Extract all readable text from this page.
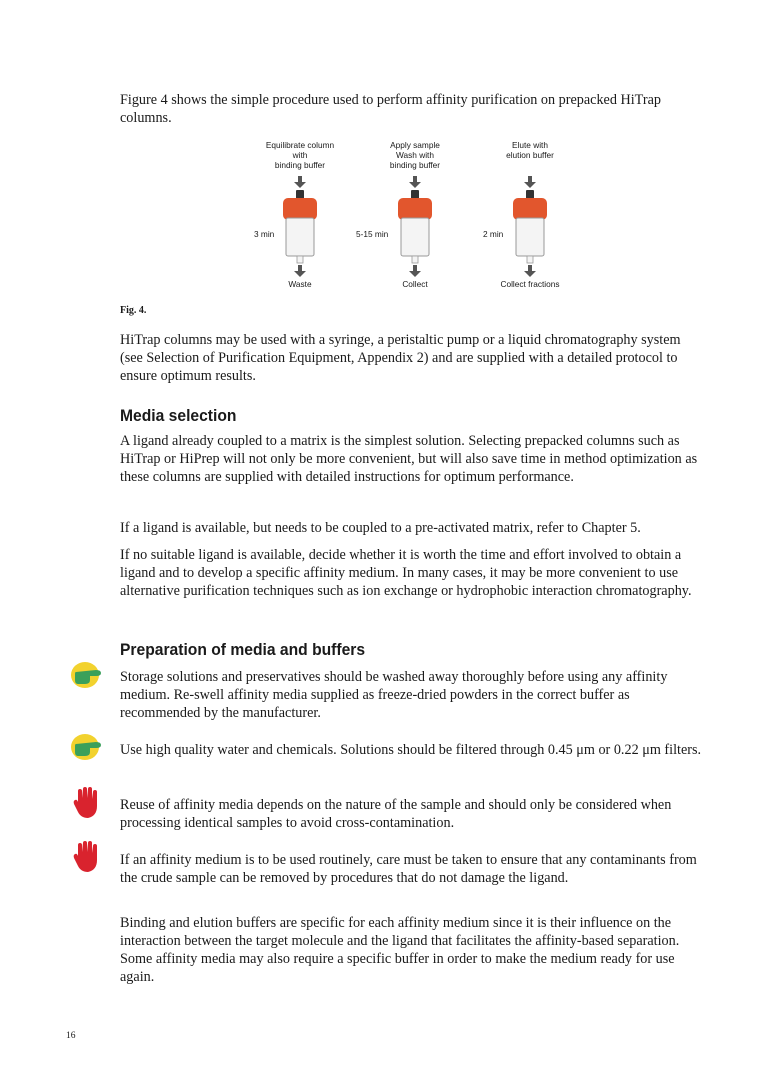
Figure 4 shows the simple procedure used to perform affinity purification on prepacked HiTrap columns.

Equilibrate column
with
binding buffer
3 min
Waste
Apply sample
Wash with
binding buffer
5-15 min
Collect
Elute with
elution buffer
2 min
Collect fractions
Fig. 4.

HiTrap columns may be used with a syringe, a peristaltic pump or a liquid chromatography system (see Selection of Purification Equipment, Appendix 2) and are supplied with a detailed protocol to ensure optimum results.

Media selection

A ligand already coupled to a matrix is the simplest solution. Selecting prepacked columns such as HiTrap or HiPrep will not only be more convenient, but will also save time in method optimization as these columns are supplied with detailed instructions for optimum performance.

If a ligand is available, but needs to be coupled to a pre-activated matrix, refer to Chapter 5.

If no suitable ligand is available, decide whether it is worth the time and effort involved to obtain a ligand and to develop a specific affinity medium. In many cases, it may be more convenient to use alternative purification techniques such as ion exchange or hydrophobic interaction chromatography.

Preparation of media and buffers

Storage solutions and preservatives should be washed away thoroughly before using any affinity medium. Re-swell affinity media supplied as freeze-dried powders in the correct buffer as recommended by the manufacturer.

Use high quality water and chemicals. Solutions should be filtered through 0.45 μm or 0.22 μm filters.

Reuse of affinity media depends on the nature of the sample and should only be considered when processing identical samples to avoid cross-contamination.

If an affinity medium is to be used routinely, care must be taken to ensure that any contaminants from the crude sample can be removed by procedures that do not damage the ligand.

Binding and elution buffers are specific for each affinity medium since it is their influence on the interaction between the target molecule and the ligand that facilitates the affinity-based separation. Some affinity media may also require a specific buffer in order to make the medium ready for use again.

16
